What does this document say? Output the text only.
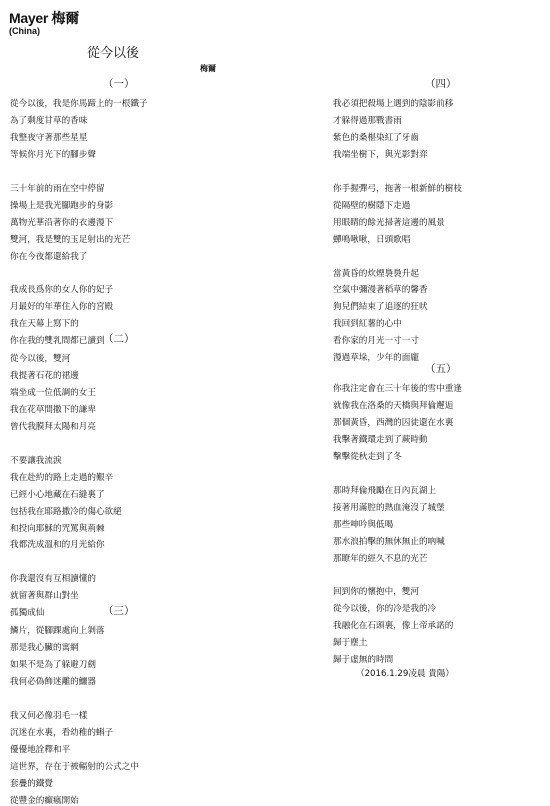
Mayer 梅爾
(China)
從今以後
梅爾
（一）
從今以後，我是你馬蹄上的一根鐵子
為了剩度甘草的香味
我整夜守著那些星星
等候你月光下的腳步聲
三十年前的雨在空中停留
操場上是我光腳跑步的身影
萬物光華沿著你的衣邊漫下
雙河，我是雙的玉足射出的光芒
你在今夜都還給我了
我成長爲你的女人你的妃子
月最好的年華住入你的宮殿
我在天幕上寫下的
你在我的雙乳間都已讀到
（二）
從今以後，雙河
我提著石花的裙邊
端坐成一位低調的女王
我在花草間撒下的謙卑
曾代我膜拜太陽和月亮
不要讓我流淚
我在赴約的路上走過的艱辛
已經小心地藏在石縫裏了
包括我在耶路撒冷的傷心欲絕
和投向耶穌的咒罵與荊棘
我都洗成溫和的月光給你
你我還沒有互相讀懂的
就留著與群山對坐
孤獨成仙	（三）
鱗片，從腳踝處向上剝落
那是我心臟的寓網
如果不是為了躲避刀劍
我何必偽飾迷離的鱷器
我又何必像羽毛一樣
沉迷在水裏，看幼稚的蝌子
優優地詮釋和平
這世界，存在于被輻射的公式之中
套疊的鐵覺
從豐金的癲瘋開始
（四）
我必須把殺場上遇到的陰影前移
才躲得過那戰書雨
紫色的桑椹染紅了牙齒
我端坐樹下，與光影對弈
你手握彈弓，拖著一根新鮮的樹枝
從隔壁的樹隱下走過
用眼睛的餘光掃著這邊的風景
蟬鳴啾啾，日頭歌唱
當黃昏的炊煙裊裊升起
空氣中彌漫著稻草的馨香
狗兒們結束了追逐的狂吠
我回到紅薯的心中
看你家的月光一寸一寸
漫過草垛，少年的面龐
（五）
你我注定會在三十年後的雪中重逢
就像我在洛桑的天橋與拜倫邂逅
那個黃昏，西灣的囚徒還在水裏
我擊著鐵環走到了蕨時動
擊擊從秋走到了冬
那時拜倫飛勵在日內瓦湖上
接著用滿腔的熱血淹沒了城堡
那些呻吟與低喝
那水浪拍擊的無休無止的吶喊
那瞭年的經久不息的光芒
回到你的懷抱中，雙河
從今以後，你的冷是我的冷
我融化在石頭裏，像上帝承諾的
歸于塵土
歸于虛無的時間
（2016.1.29凌晨 貴陽）
